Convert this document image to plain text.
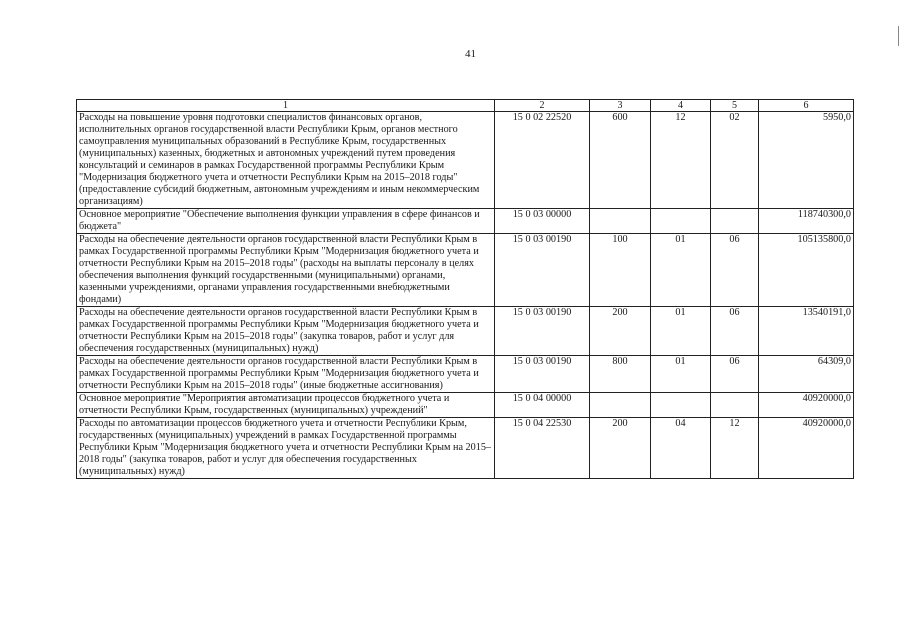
41
1	2	3	4	5	6
Расходы на повышение уровня подготовки специалистов финансовых органов, исполнительных органов государственной власти Республики Крым, органов местного самоуправления муниципальных образований в Республике Крым, государственных (муниципальных) казенных, бюджетных и автономных учреждений путем проведения консультаций и семинаров в рамках Государственной программы Республики Крым "Модернизация бюджетного учета и отчетности Республики Крым на 2015–2018 годы" (предоставление субсидий бюджетным, автономным учреждениям и иным некоммерческим организациям)	15 0 02 22520	600	12	02	5950,0
Основное мероприятие "Обеспечение выполнения функции управления в сфере финансов и бюджета"	15 0 03 00000				118740300,0
Расходы на обеспечение деятельности органов государственной власти Республики Крым в рамках Государственной программы Республики Крым "Модернизация бюджетного учета и отчетности Республики Крым на 2015–2018 годы" (расходы на выплаты персоналу в целях обеспечения выполнения функций государственными (муниципальными) органами, казенными учреждениями, органами управления государственными внебюджетными фондами)	15 0 03 00190	100	01	06	105135800,0
Расходы на обеспечение деятельности органов государственной власти Республики Крым в рамках Государственной программы Республики Крым "Модернизация бюджетного учета и отчетности Республики Крым на 2015–2018 годы" (закупка товаров, работ и услуг для обеспечения государственных (муниципальных) нужд)	15 0 03 00190	200	01	06	13540191,0
Расходы на обеспечение деятельности органов государственной власти Республики Крым в рамках Государственной программы Республики Крым "Модернизация бюджетного учета и отчетности Республики Крым на 2015–2018 годы" (иные бюджетные ассигнования)	15 0 03 00190	800	01	06	64309,0
Основное мероприятие "Мероприятия автоматизации процессов бюджетного учета и отчетности Республики Крым, государственных (муниципальных) учреждений"	15 0 04 00000				40920000,0
Расходы по автоматизации процессов бюджетного учета и отчетности Республики Крым, государственных (муниципальных) учреждений в рамках Государственной программы Республики Крым "Модернизация бюджетного учета и отчетности Республики Крым на 2015–2018 годы" (закупка товаров, работ и услуг для обеспечения государственных (муниципальных) нужд)	15 0 04 22530	200	04	12	40920000,0
